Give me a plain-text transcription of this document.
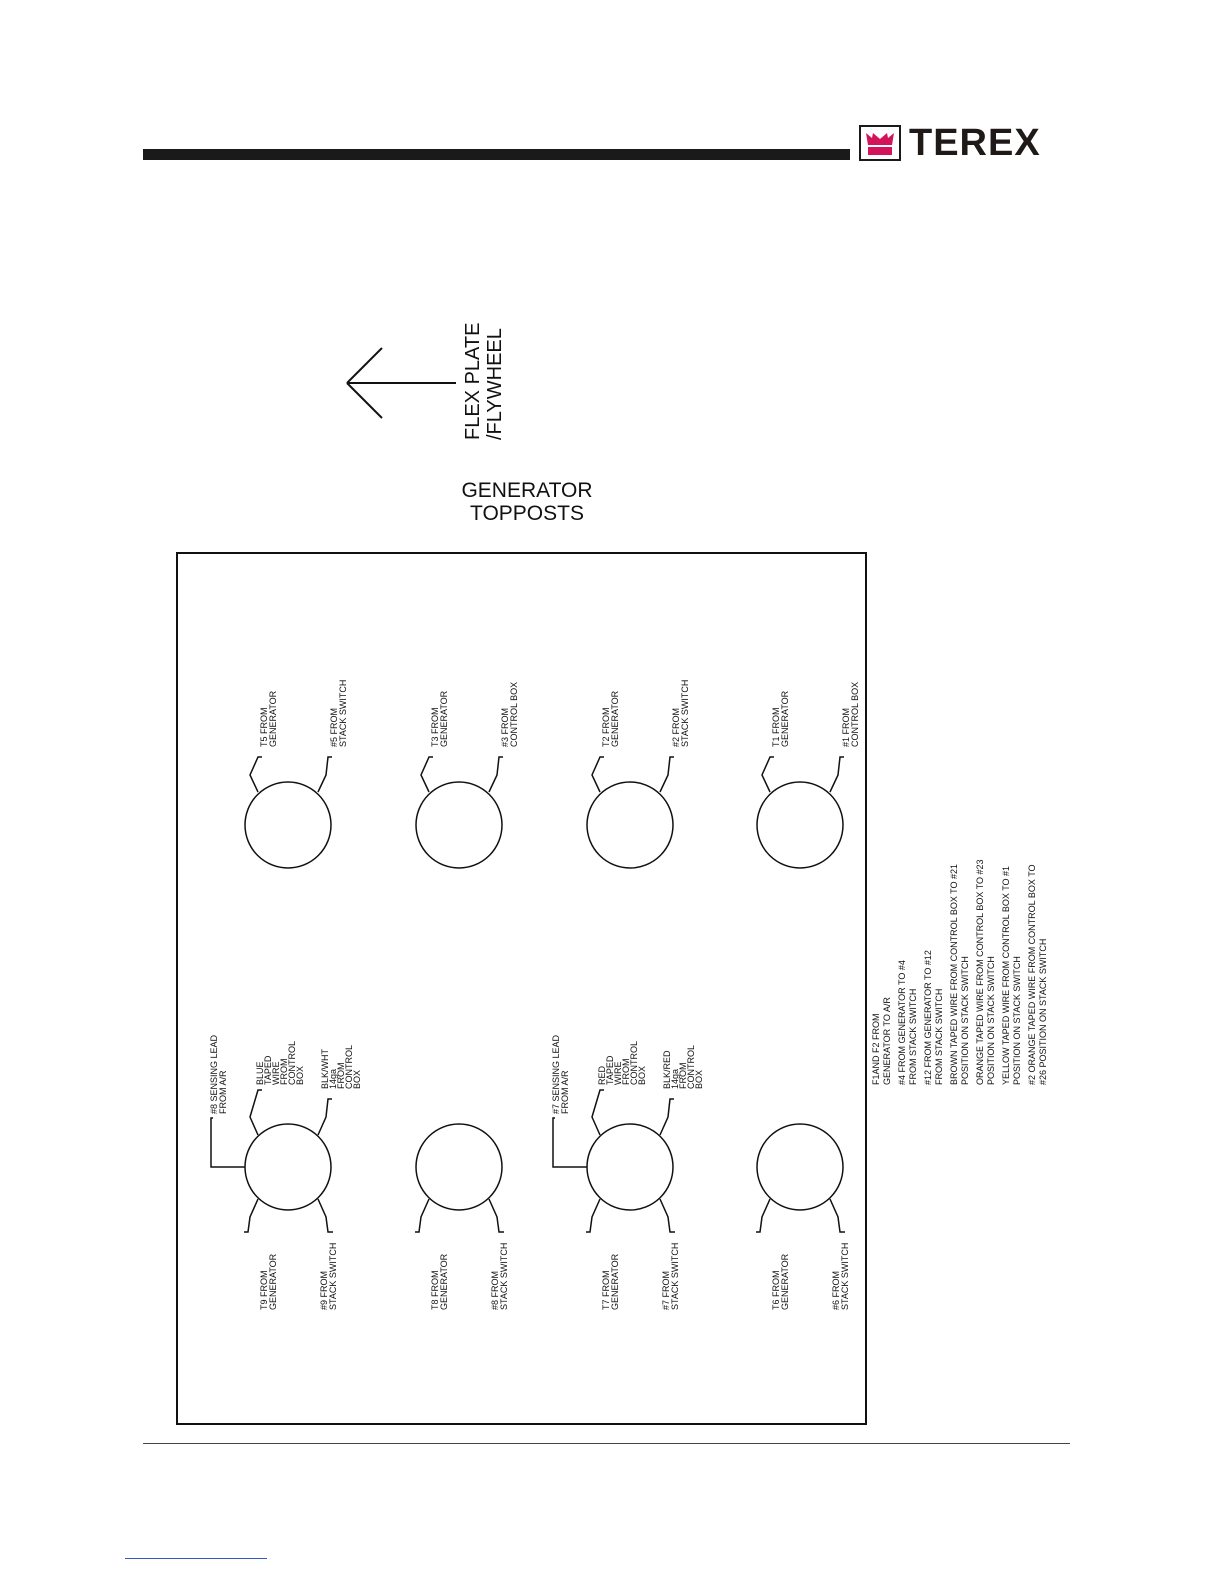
TEREX
FLEX PLATE /FLYWHEEL
GENERATOR
TOPPOSTS
T5 FROM GENERATOR	#5 FROM STACK SWITCH	T3 FROM GENERATOR	#3 FROM CONTROL BOX	T2 FROM GENERATOR	#2 FROM STACK SWITCH	T1 FROM GENERATOR	#1 FROM CONTROL BOX
T9 FROM GENERATOR	#9 FROM STACK SWITCH
#8 SENSING LEAD FROM A/R	BLUE
TAPED
WIRE
FROM
CONTROL
BOX BLK/WHT
14ga
FROM
CONTROL
BOX
T8 FROM GENERATOR	#8 FROM STACK SWITCH	T7 FROM GENERATOR	#7 FROM STACK SWITCH
#7 SENSING LEAD FROM A/R	RED
TAPED
WIRE
FROM
CONTROL
BOX BLK/RED
14ga
FROM
CONTROL
BOX
T6 FROM GENERATOR	#6 FROM STACK SWITCH
F1AND F2 FROM GENERATOR TO A/R #4 FROM GENERATOR TO #4 FROM STACK SWITCH #12 FROM GENERATOR TO #12 FROM STACK SWITCH BROWN TAPED WIRE FROM CONTROL BOX TO #21 POSITION ON STACK SWITCH ORANGE TAPED WIRE FROM CONTROL BOX TO #23 POSITION ON STACK SWITCH YELLOW TAPED WIRE FROM CONTROL BOX TO #1 POSITION ON STACK SWITCH #2 ORANGE TAPED WIRE FROM CONTROL BOX TO #26 POSITION ON STACK SWITCH
